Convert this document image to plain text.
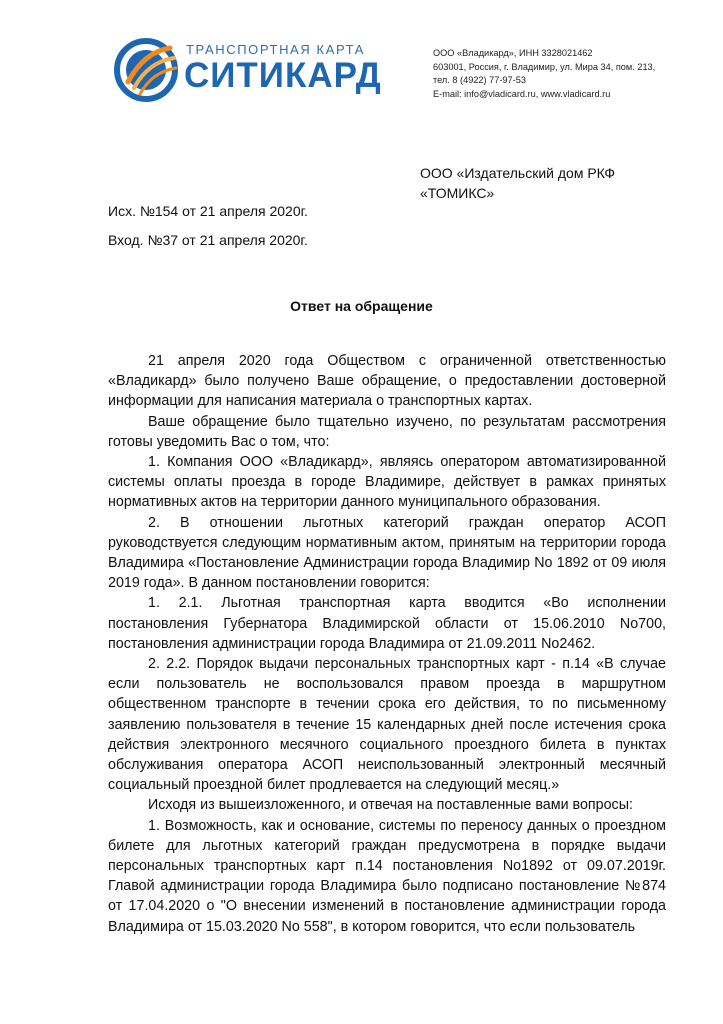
ТРАНСПОРТНАЯ КАРТА
СИТИКАРД
ООО «Владикард», ИНН 3328021462
603001, Россия, г. Владимир, ул. Мира 34, пом. 213,
тел. 8 (4922) 77-97-53
E-mail: info@vladicard.ru, www.vladicard.ru
ООО «Издательский дом РКФ
«ТОМИКС»
Исх. №154 от 21 апреля 2020г.
Вход. №37 от 21 апреля 2020г.
Ответ на обращение

21 апреля 2020 года Обществом с ограниченной ответственностью «Владикард» было получено Ваше обращение, о предоставлении достоверной информации для написания материала о транспортных картах.

Ваше обращение было тщательно изучено, по результатам рассмотрения готовы уведомить Вас о том, что:

1. Компания ООО «Владикард», являясь оператором автоматизированной системы оплаты проезда в городе Владимире, действует в рамках принятых нормативных актов на территории данного муниципального образования.

2. В отношении льготных категорий граждан оператор АСОП руководствуется следующим нормативным актом, принятым на территории города Владимира «Постановление Администрации города Владимир No 1892 от 09 июля 2019 года». В данном постановлении говорится:

1. 2.1. Льготная транспортная карта вводится «Во исполнении постановления Губернатора Владимирской области от 15.06.2010 No700, постановления администрации города Владимира от 21.09.2011 No2462.

2. 2.2. Порядок выдачи персональных транспортных карт - п.14 «В случае если пользователь не воспользовался правом проезда в маршрутном общественном транспорте в течении срока его действия, то по письменному заявлению пользователя в течение 15 календарных дней после истечения срока действия электронного месячного социального проездного билета в пунктах обслуживания оператора АСОП неиспользованный электронный месячный социальный проездной билет продлевается на следующий месяц.»

Исходя из вышеизложенного, и отвечая на поставленные вами вопросы:

1. Возможность, как и основание, системы по переносу данных о проездном билете для льготных категорий граждан предусмотрена в порядке выдачи персональных транспортных карт п.14 постановления No1892 от 09.07.2019г. Главой администрации города Владимира было подписано постановление №874 от 17.04.2020 о "О внесении изменений в постановление администрации города Владимира от 15.03.2020 No 558", в котором говорится, что если пользователь
